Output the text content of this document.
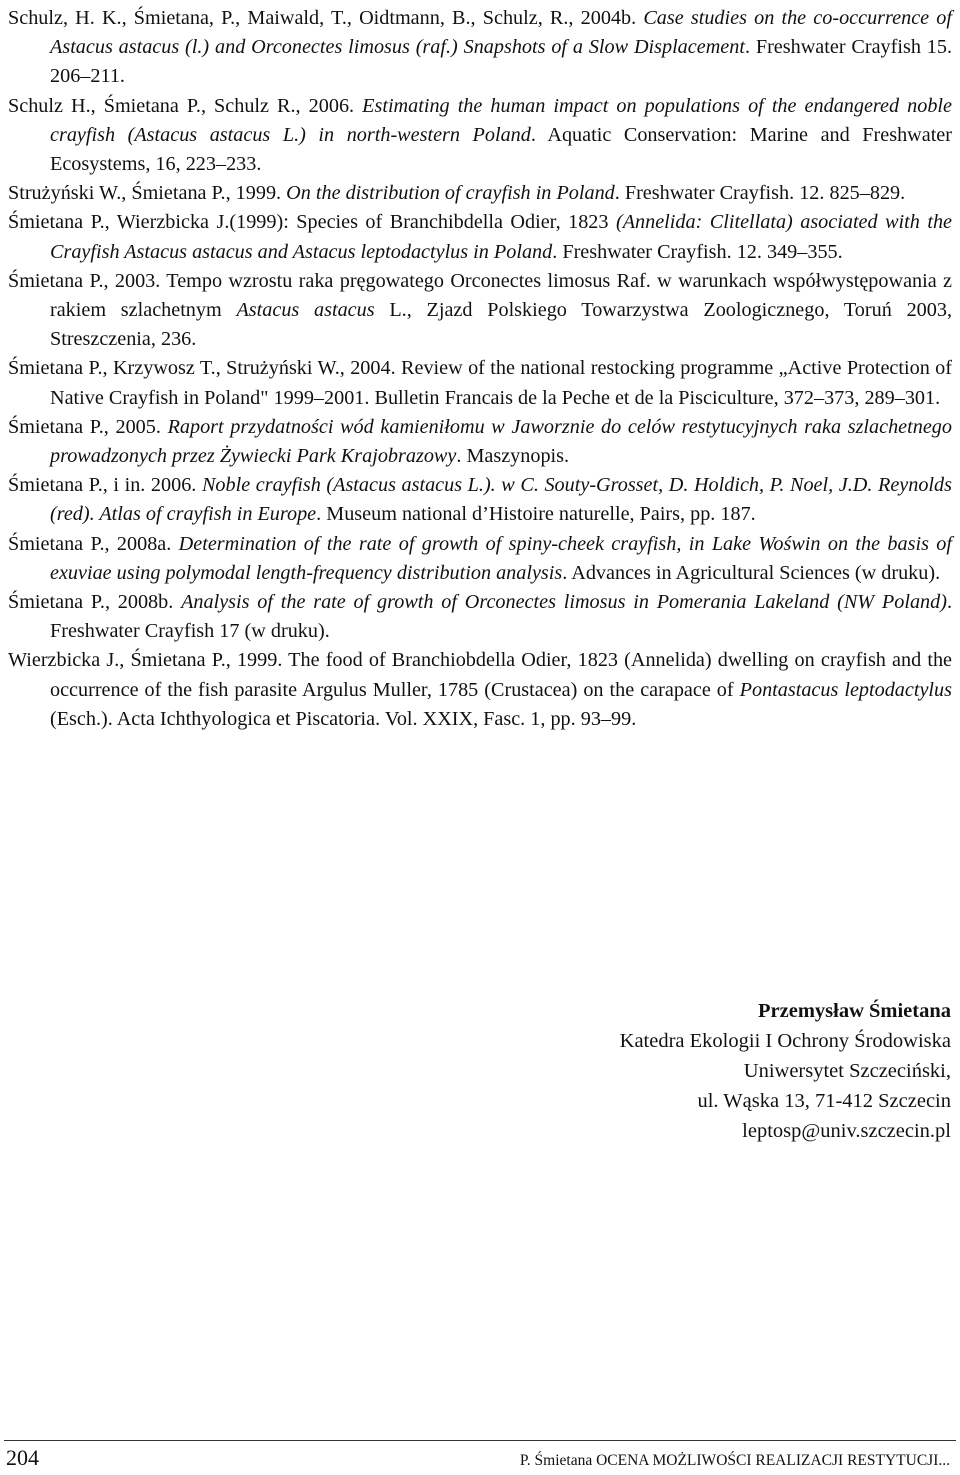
Schulz, H. K., Śmietana, P., Maiwald, T., Oidtmann, B., Schulz, R., 2004b. Case studies on the co-occurrence of Astacus astacus (l.) and Orconectes limosus (raf.) Snapshots of a Slow Displacement. Freshwater Crayfish 15. 206–211.

Schulz H., Śmietana P., Schulz R., 2006. Estimating the human impact on populations of the endangered noble crayfish (Astacus astacus L.) in north-western Poland. Aquatic Conservation: Marine and Freshwater Ecosystems, 16, 223–233.

Strużyński W., Śmietana P., 1999. On the distribution of crayfish in Poland. Freshwater Crayfish. 12. 825–829.

Śmietana P., Wierzbicka J.(1999): Species of Branchibdella Odier, 1823 (Annelida: Clitellata) asociated with the Crayfish Astacus astacus and Astacus leptodactylus in Poland. Freshwater Crayfish. 12. 349–355.

Śmietana P., 2003. Tempo wzrostu raka pręgowatego Orconectes limosus Raf. w warunkach współwystępowania z rakiem szlachetnym Astacus astacus L., Zjazd Polskiego Towarzystwa Zoologicznego, Toruń 2003, Streszczenia, 236.

Śmietana P., Krzywosz T., Strużyński W., 2004. Review of the national restocking programme „Active Protection of Native Crayfish in Poland" 1999–2001. Bulletin Francais de la Peche et de la Pisciculture, 372–373, 289–301.

Śmietana P., 2005. Raport przydatności wód kamieniłomu w Jaworznie do celów restytucyjnych raka szlachetnego prowadzonych przez Żywiecki Park Krajobrazowy. Maszynopis.

Śmietana P., i in. 2006. Noble crayfish (Astacus astacus L.). w C. Souty-Grosset, D. Holdich, P. Noel, J.D. Reynolds (red). Atlas of crayfish in Europe. Museum national d’Histoire naturelle, Pairs, pp. 187.

Śmietana P., 2008a. Determination of the rate of growth of spiny-cheek crayfish, in Lake Woświn on the basis of exuviae using polymodal length-frequency distribution analysis. Advances in Agricultural Sciences (w druku).

Śmietana P., 2008b. Analysis of the rate of growth of Orconectes limosus in Pomerania Lakeland (NW Poland). Freshwater Crayfish 17 (w druku).

Wierzbicka J., Śmietana P., 1999. The food of Branchiobdella Odier, 1823 (Annelida) dwelling on crayfish and the occurrence of the fish parasite Argulus Muller, 1785 (Crustacea) on the carapace of Pontastacus leptodactylus (Esch.). Acta Ichthyologica et Piscatoria. Vol. XXIX, Fasc. 1, pp. 93–99.

Przemysław Śmietana
Katedra Ekologii I Ochrony Środowiska
Uniwersytet Szczeciński,
ul. Wąska 13, 71-412 Szczecin
leptosp@univ.szczecin.pl
204	P. Śmietana OCENA MOŻLIWOŚCI REALIZACJI RESTYTUCJI...
